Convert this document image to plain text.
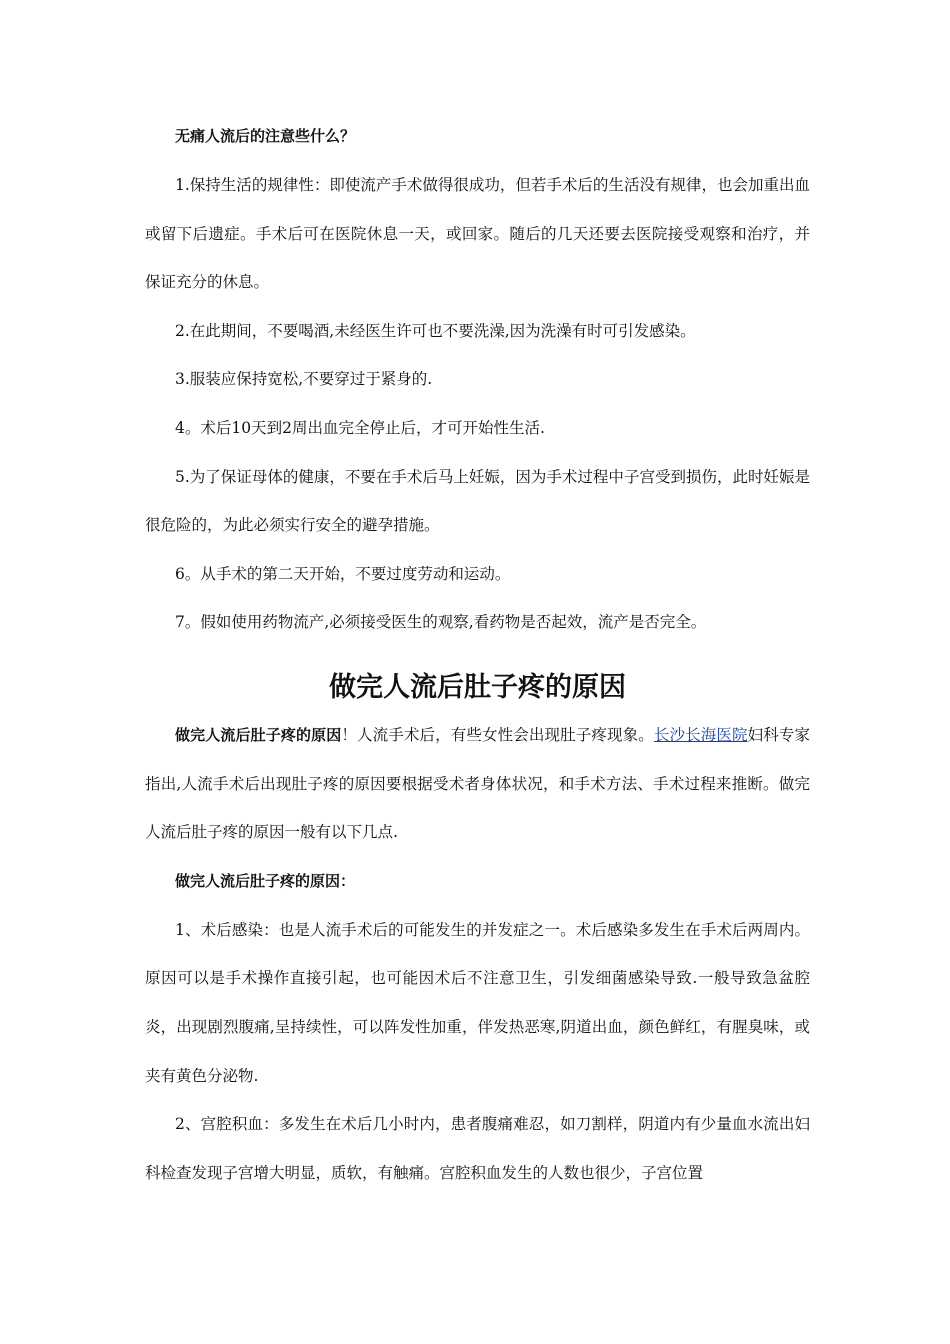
无痛人流后的注意些什么？

1.保持生活的规律性：即使流产手术做得很成功，但若手术后的生活没有规律，也会加重出血或留下后遗症。手术后可在医院休息一天，或回家。随后的几天还要去医院接受观察和治疗，并保证充分的休息。

2.在此期间，不要喝酒,未经医生许可也不要洗澡,因为洗澡有时可引发感染。

3.服装应保持宽松,不要穿过于紧身的.

4。术后10天到2周出血完全停止后，才可开始性生活.

5.为了保证母体的健康，不要在手术后马上妊娠，因为手术过程中子宫受到损伤，此时妊娠是很危险的，为此必须实行安全的避孕措施。

6。从手术的第二天开始，不要过度劳动和运动。

7。假如使用药物流产,必须接受医生的观察,看药物是否起效，流产是否完全。

做完人流后肚子疼的原因

做完人流后肚子疼的原因！人流手术后，有些女性会出现肚子疼现象。长沙长海医院妇科专家指出,人流手术后出现肚子疼的原因要根据受术者身体状况，和手术方法、手术过程来推断。做完人流后肚子疼的原因一般有以下几点.

做完人流后肚子疼的原因：

1、术后感染：也是人流手术后的可能发生的并发症之一。术后感染多发生在手术后两周内。原因可以是手术操作直接引起，也可能因术后不注意卫生，引发细菌感染导致.一般导致急盆腔炎，出现剧烈腹痛,呈持续性，可以阵发性加重，伴发热恶寒,阴道出血，颜色鲜红，有腥臭味，或夹有黄色分泌物.

2、宫腔积血：多发生在术后几小时内，患者腹痛难忍，如刀割样，阴道内有少量血水流出妇科检查发现子宫增大明显，质软，有触痛。宫腔积血发生的人数也很少，子宫位置
